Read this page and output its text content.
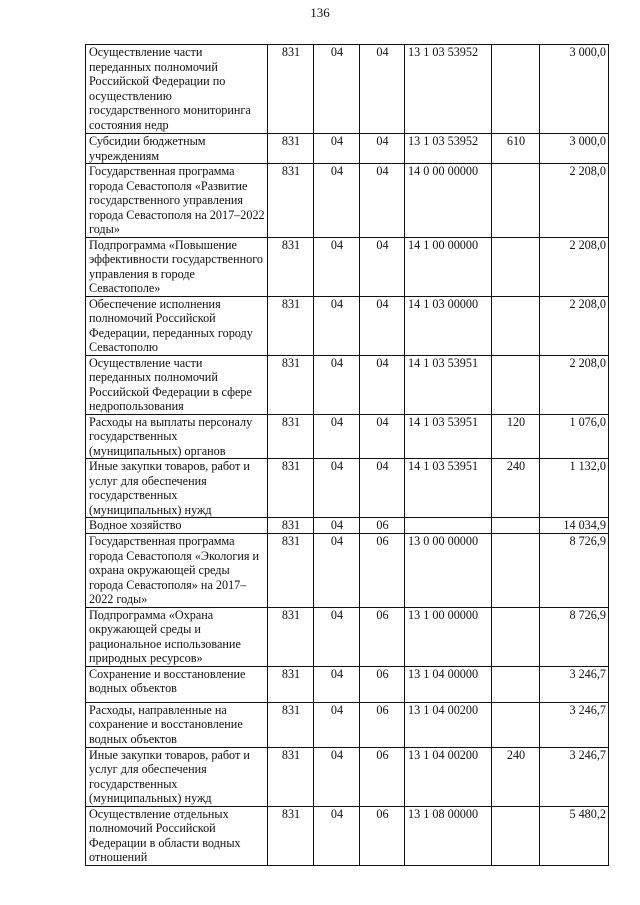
136
Осуществление части переданных полномочий Российской Федерации по осуществлению государственного мониторинга состояния недр	831	04	04	13 1 03 53952		3 000,0
Субсидии бюджетным учреждениям	831	04	04	13 1 03 53952	610	3 000,0
Государственная программа города Севастополя «Развитие государственного управления города Севастополя на 2017–2022 годы»	831	04	04	14 0 00 00000		2 208,0
Подпрограмма «Повышение эффективности государственного управления в городе Севастополе»	831	04	04	14 1 00 00000		2 208,0
Обеспечение исполнения полномочий Российской Федерации, переданных городу Севастополю	831	04	04	14 1 03 00000		2 208,0
Осуществление части переданных полномочий Российской Федерации в сфере недропользования	831	04	04	14 1 03 53951		2 208,0
Расходы на выплаты персоналу государственных (муниципальных) органов	831	04	04	14 1 03 53951	120	1 076,0
Иные закупки товаров, работ и услуг для обеспечения государственных (муниципальных) нужд	831	04	04	14 1 03 53951	240	1 132,0
Водное хозяйство	831	04	06			14 034,9
Государственная программа города Севастополя «Экология и охрана окружающей среды города Севастополя» на 2017–2022 годы»	831	04	06	13 0 00 00000		8 726,9
Подпрограмма «Охрана окружающей среды и рациональное использование природных ресурсов»	831	04	06	13 1 00 00000		8 726,9
Сохранение и восстановление водных объектов	831	04	06	13 1 04 00000		3 246,7
Расходы, направленные на сохранение и восстановление водных объектов	831	04	06	13 1 04 00200		3 246,7
Иные закупки товаров, работ и услуг для обеспечения государственных (муниципальных) нужд	831	04	06	13 1 04 00200	240	3 246,7
Осуществление отдельных полномочий Российской Федерации в области водных отношений	831	04	06	13 1 08 00000		5 480,2
